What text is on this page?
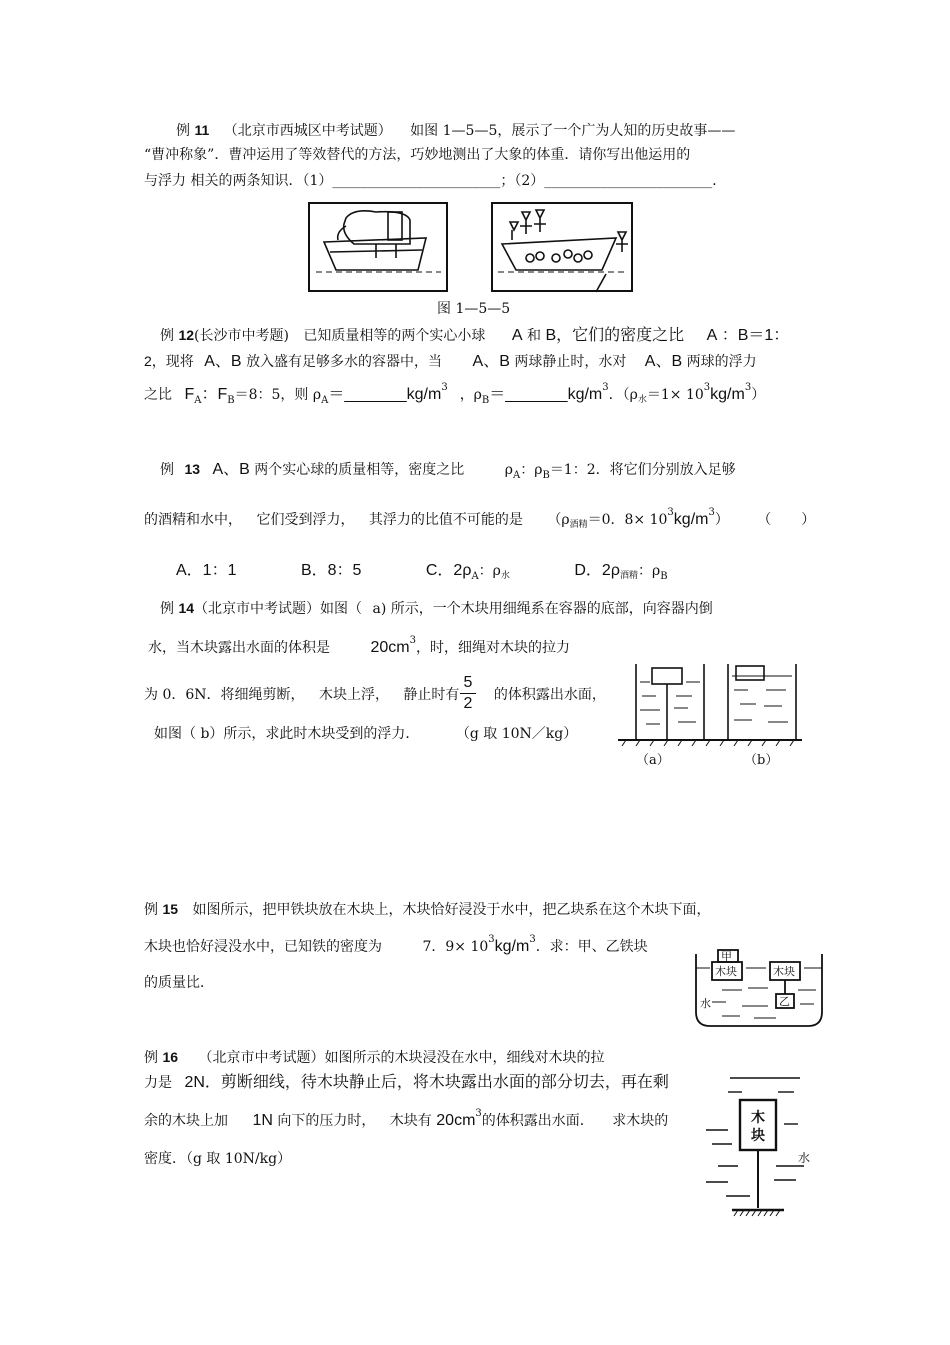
例 11 （北京市西城区中考试题） 如图 1—5—5，展示了一个广为人知的历史故事——
“曹冲称象”．曹冲运用了等效替代的方法，巧妙地测出了大象的体重．请你写出他运用的
与浮力 相关的两条知识．（1）________________________；（2）________________________．
图 1—5—5
例 12(长沙市中考题) 已知质量相等的两个实心小球 A 和 B，它们的密度之比 A ：B＝1：
2，现将 A、B 放入盛有足够多水的容器中，当 A、B 两球静止时，水对 A、B 两球的浮力
之比 $F_A$：$F_B=8$：5，则 $\rho_A=\_\_\_\_\_\_\_kg/m^3$ ，$\rho_B=\_\_\_\_\_\_\_kg/m^3$．$(\rho_水=1\times 10^3kg/m^3)$
例 13 A、B 两个实心球的质量相等，密度之比	$\rho_A$：$\rho_B=1$：2．将它们分别放入足够
的酒精和水中， 它们受到浮力， 其浮力的比值不可能的是 （$\rho_{酒精}=0$．$8\times 10^3kg/m^3$） （ ）
A．1：1	B．8：5	C．$2\rho_A$：$\rho_水$	D．$2\rho_{酒精}$：$\rho_B$
例 14（北京市中考试题）如图（ a) 所示，一个木块用细绳系在容器的底部，向容器内倒
水，当木块露出水面的体积是	$20cm^3$，时，细绳对木块的拉力
为 0．6N．将细绳剪断， 木块上浮， 静止时有 的体积露出水面，
5
2
如图（ b）所示，求此时木块受到的浮力．	（g 取 10N／kg）
（a）	（b）
例 15 如图所示，把甲铁块放在木块上，木块恰好浸没于水中，把乙块系在这个木块下面，
木块也恰好浸没水中，已知铁的密度为	7．$9\times 10^3kg/m^3$．求：甲、乙铁块
的质量比．
甲
木块	木块
乙
水
例 16 （北京市中考试题）如图所示的木块浸没在水中，细线对木块的拉
力是 2N．剪断细线，待木块静止后，将木块露出水面的部分切去，再在剩
余的木块上加 1N 向下的压力时， 木块有 $20cm^3$的体积露出水面． 求木块的
密度．（g 取 10N/kg）
木
块
水
